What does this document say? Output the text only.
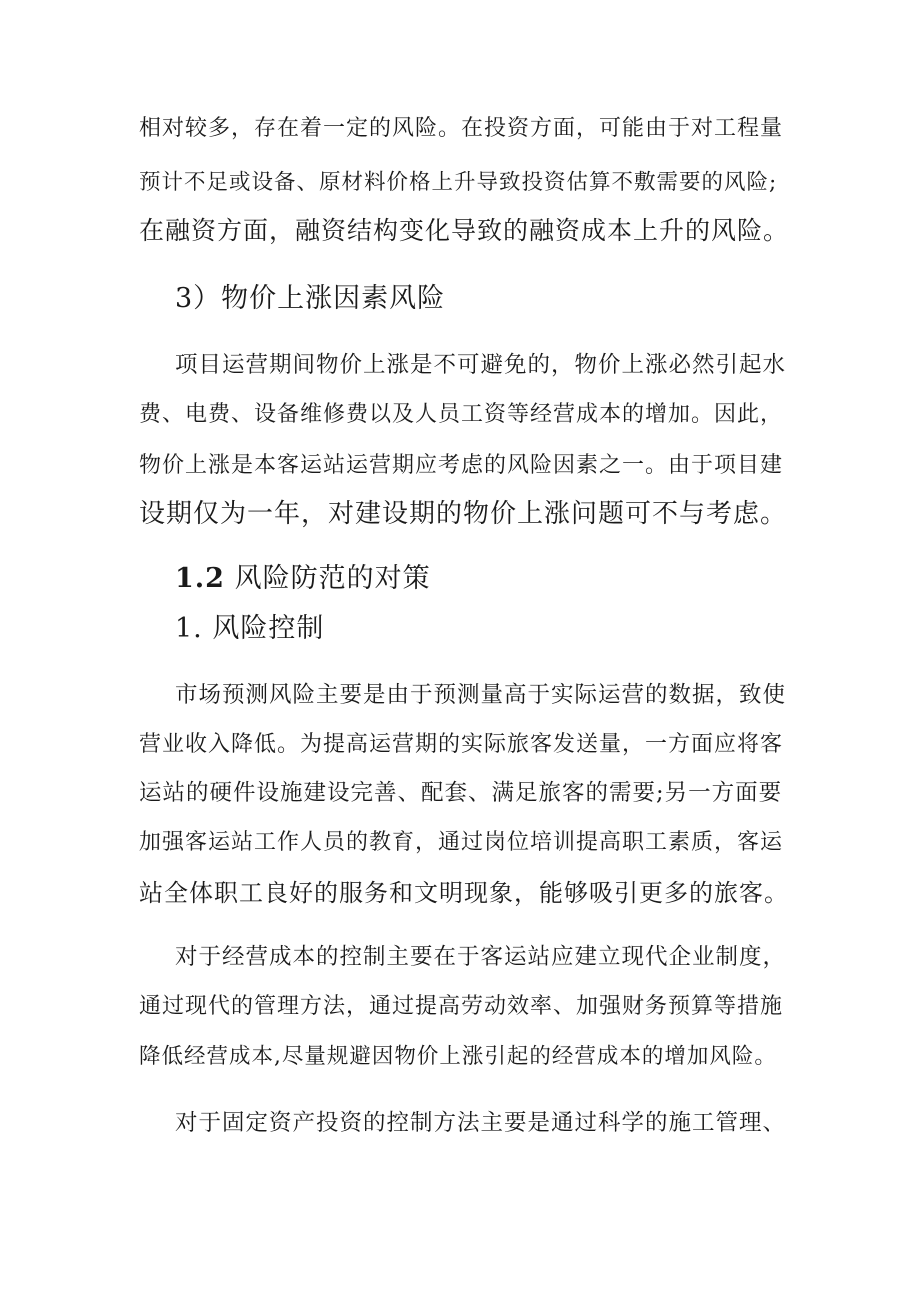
相对较多，存在着一定的风险。在投资方面，可能由于对工程量
预计不足或设备、原材料价格上升导致投资估算不敷需要的风险;
在融资方面，融资结构变化导致的融资成本上升的风险。
3）物价上涨因素风险
项目运营期间物价上涨是不可避免的，物价上涨必然引起水
费、电费、设备维修费以及人员工资等经营成本的增加。因此，
物价上涨是本客运站运营期应考虑的风险因素之一。由于项目建
设期仅为一年，对建设期的物价上涨问题可不与考虑。
1.2 风险防范的对策
1. 风险控制
市场预测风险主要是由于预测量高于实际运营的数据，致使
营业收入降低。为提高运营期的实际旅客发送量，一方面应将客
运站的硬件设施建设完善、配套、满足旅客的需要;另一方面要
加强客运站工作人员的教育，通过岗位培训提高职工素质，客运
站全体职工良好的服务和文明现象，能够吸引更多的旅客。
对于经营成本的控制主要在于客运站应建立现代企业制度，
通过现代的管理方法，通过提高劳动效率、加强财务预算等措施
降低经营成本,尽量规避因物价上涨引起的经营成本的增加风险。
对于固定资产投资的控制方法主要是通过科学的施工管理、
